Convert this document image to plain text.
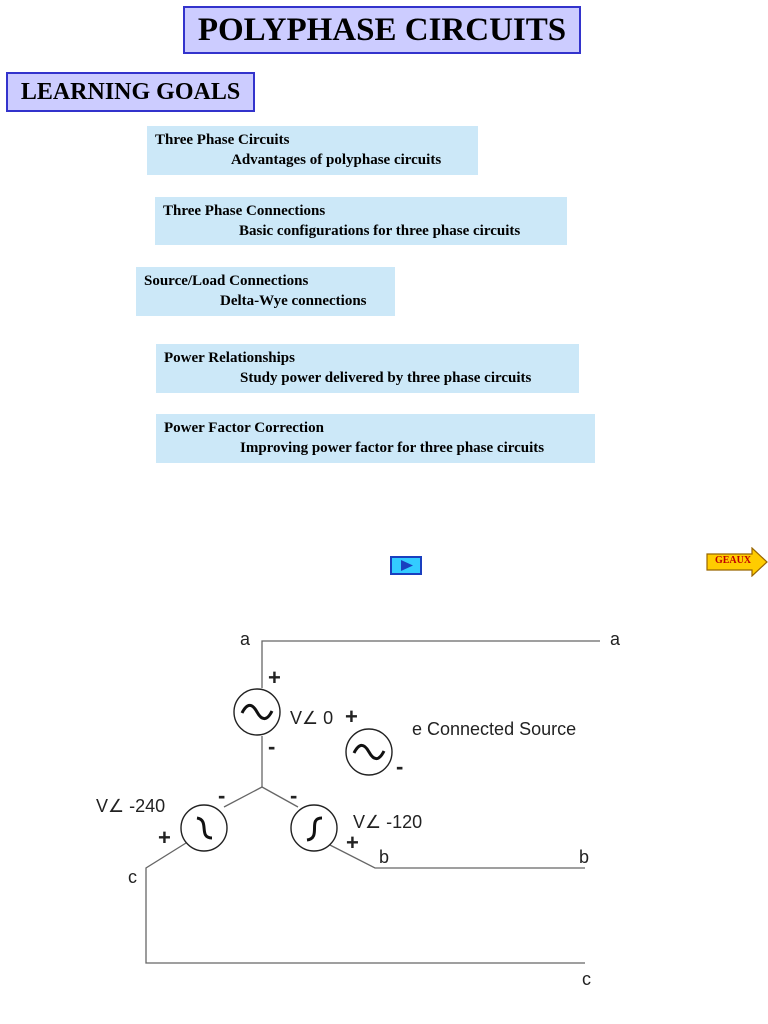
POLYPHASE CIRCUITS
LEARNING GOALS
Three Phase Circuits
Advantages of polyphase circuits
Three Phase Connections
Basic configurations for three phase circuits
Source/Load Connections
Delta-Wye connections
Power Relationships
Study power delivered by three phase circuits
Power Factor Correction
Improving power factor for three phase circuits
GEAUX
a	a
b	b
c
c
V∠ 0
V∠ -120
V∠ -240
e Connected Source
+
-
+
-
-
+
-
+
